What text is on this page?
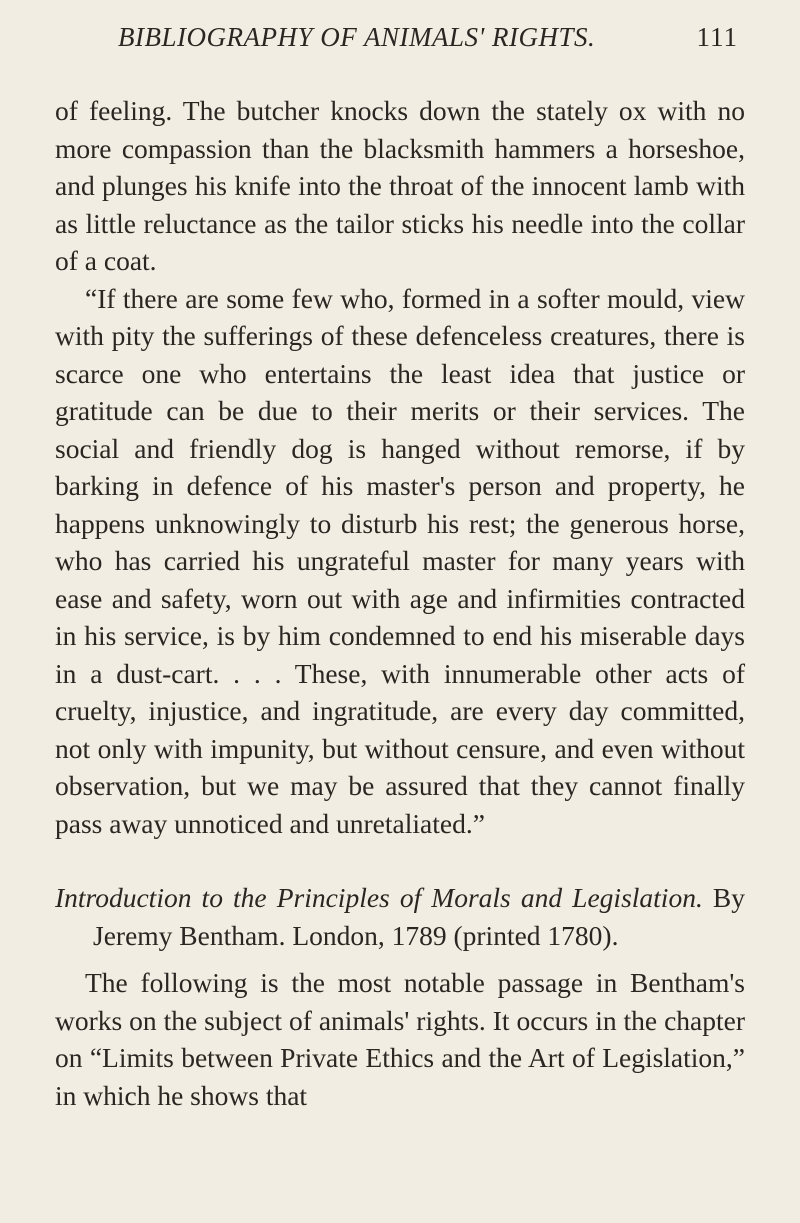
BIBLIOGRAPHY OF ANIMALS' RIGHTS.	111

of feeling. The butcher knocks down the stately ox with no more compassion than the blacksmith hammers a horseshoe, and plunges his knife into the throat of the innocent lamb with as little reluctance as the tailor sticks his needle into the collar of a coat.

“If there are some few who, formed in a softer mould, view with pity the sufferings of these defenceless creatures, there is scarce one who entertains the least idea that justice or gratitude can be due to their merits or their services. The social and friendly dog is hanged without remorse, if by barking in defence of his master's person and property, he happens unknowingly to disturb his rest; the generous horse, who has carried his ungrateful master for many years with ease and safety, worn out with age and infirmities contracted in his service, is by him condemned to end his miserable days in a dust-cart. . . . These, with innumerable other acts of cruelty, injustice, and ingratitude, are every day committed, not only with impunity, but without censure, and even without observation, but we may be assured that they cannot finally pass away unnoticed and unretaliated.”

Introduction to the Principles of Morals and Legislation. By Jeremy Bentham. London, 1789 (printed 1780).

The following is the most notable passage in Bentham's works on the subject of animals' rights. It occurs in the chapter on “Limits between Private Ethics and the Art of Legislation,” in which he shows that
